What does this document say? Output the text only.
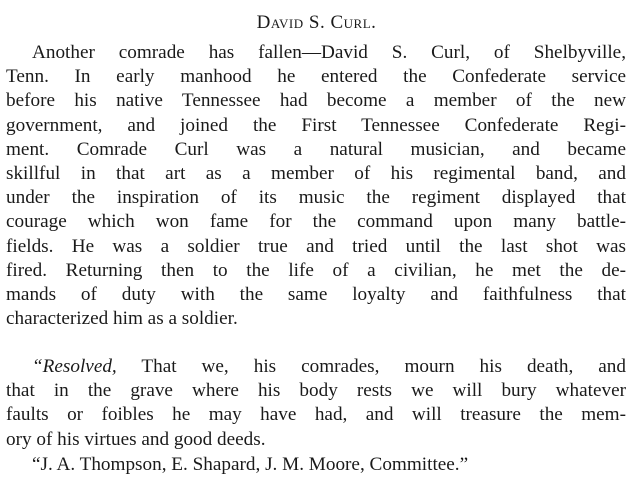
David S. Curl.
Another comrade has fallen—David S. Curl, of Shelbyville,
Tenn. In early manhood he entered the Confederate service
before his native Tennessee had become a member of the new
government, and joined the First Tennessee Confederate Regi-
ment. Comrade Curl was a natural musician, and became
skillful in that art as a member of his regimental band, and
under the inspiration of its music the regiment displayed that
courage which won fame for the command upon many battle-
fields. He was a soldier true and tried until the last shot was
fired. Returning then to the life of a civilian, he met the de-
mands of duty with the same loyalty and faithfulness that
characterized him as a soldier.
“Resolved, That we, his comrades, mourn his death, and
that in the grave where his body rests we will bury whatever
faults or foibles he may have had, and will treasure the mem-
ory of his virtues and good deeds.
“J. A. Thompson, E. Shapard, J. M. Moore, Committee.”
